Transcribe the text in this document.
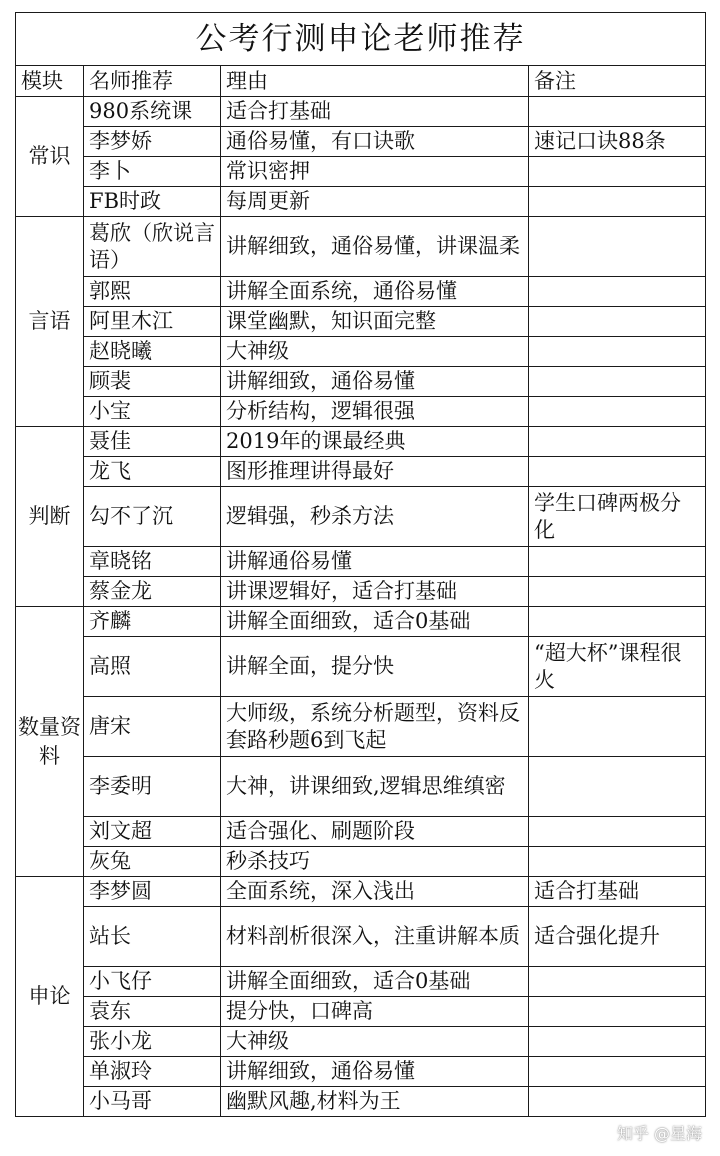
公考行测申论老师推荐			
模块	名师推荐	理由	备注
常识	980系统课	适合打基础	
	李梦娇	通俗易懂，有口诀歌	速记口诀88条
	李卜	常识密押	
	FB时政	每周更新	
言语	葛欣（欣说言语）	讲解细致，通俗易懂，讲课温柔	
	郭熙	讲解全面系统，通俗易懂	
	阿里木江	课堂幽默，知识面完整	
	赵晓曦	大神级	
	顾裴	讲解细致，通俗易懂	
	小宝	分析结构，逻辑很强	
判断	聂佳	2019年的课最经典	
	龙飞	图形推理讲得最好	
	勾不了沉	逻辑强，秒杀方法	学生口碑两极分化
	章晓铭	讲解通俗易懂	
	蔡金龙	讲课逻辑好，适合打基础	
数量资料	齐麟	讲解全面细致，适合0基础	
	高照	讲解全面，提分快	“超大杯”课程很火
	唐宋	大师级，系统分析题型，资料反套路秒题6到飞起	
	李委明	大神，讲课细致,逻辑思维缜密	
	刘文超	适合强化、刷题阶段	
	灰兔	秒杀技巧	
申论	李梦圆	全面系统，深入浅出	适合打基础
	站长	材料剖析很深入，注重讲解本质	适合强化提升
	小飞仔	讲解全面细致，适合0基础	
	袁东	提分快，口碑高	
	张小龙	大神级	
	单淑玲	讲解细致，通俗易懂	
	小马哥	幽默风趣,材料为王	
知乎 @星海
